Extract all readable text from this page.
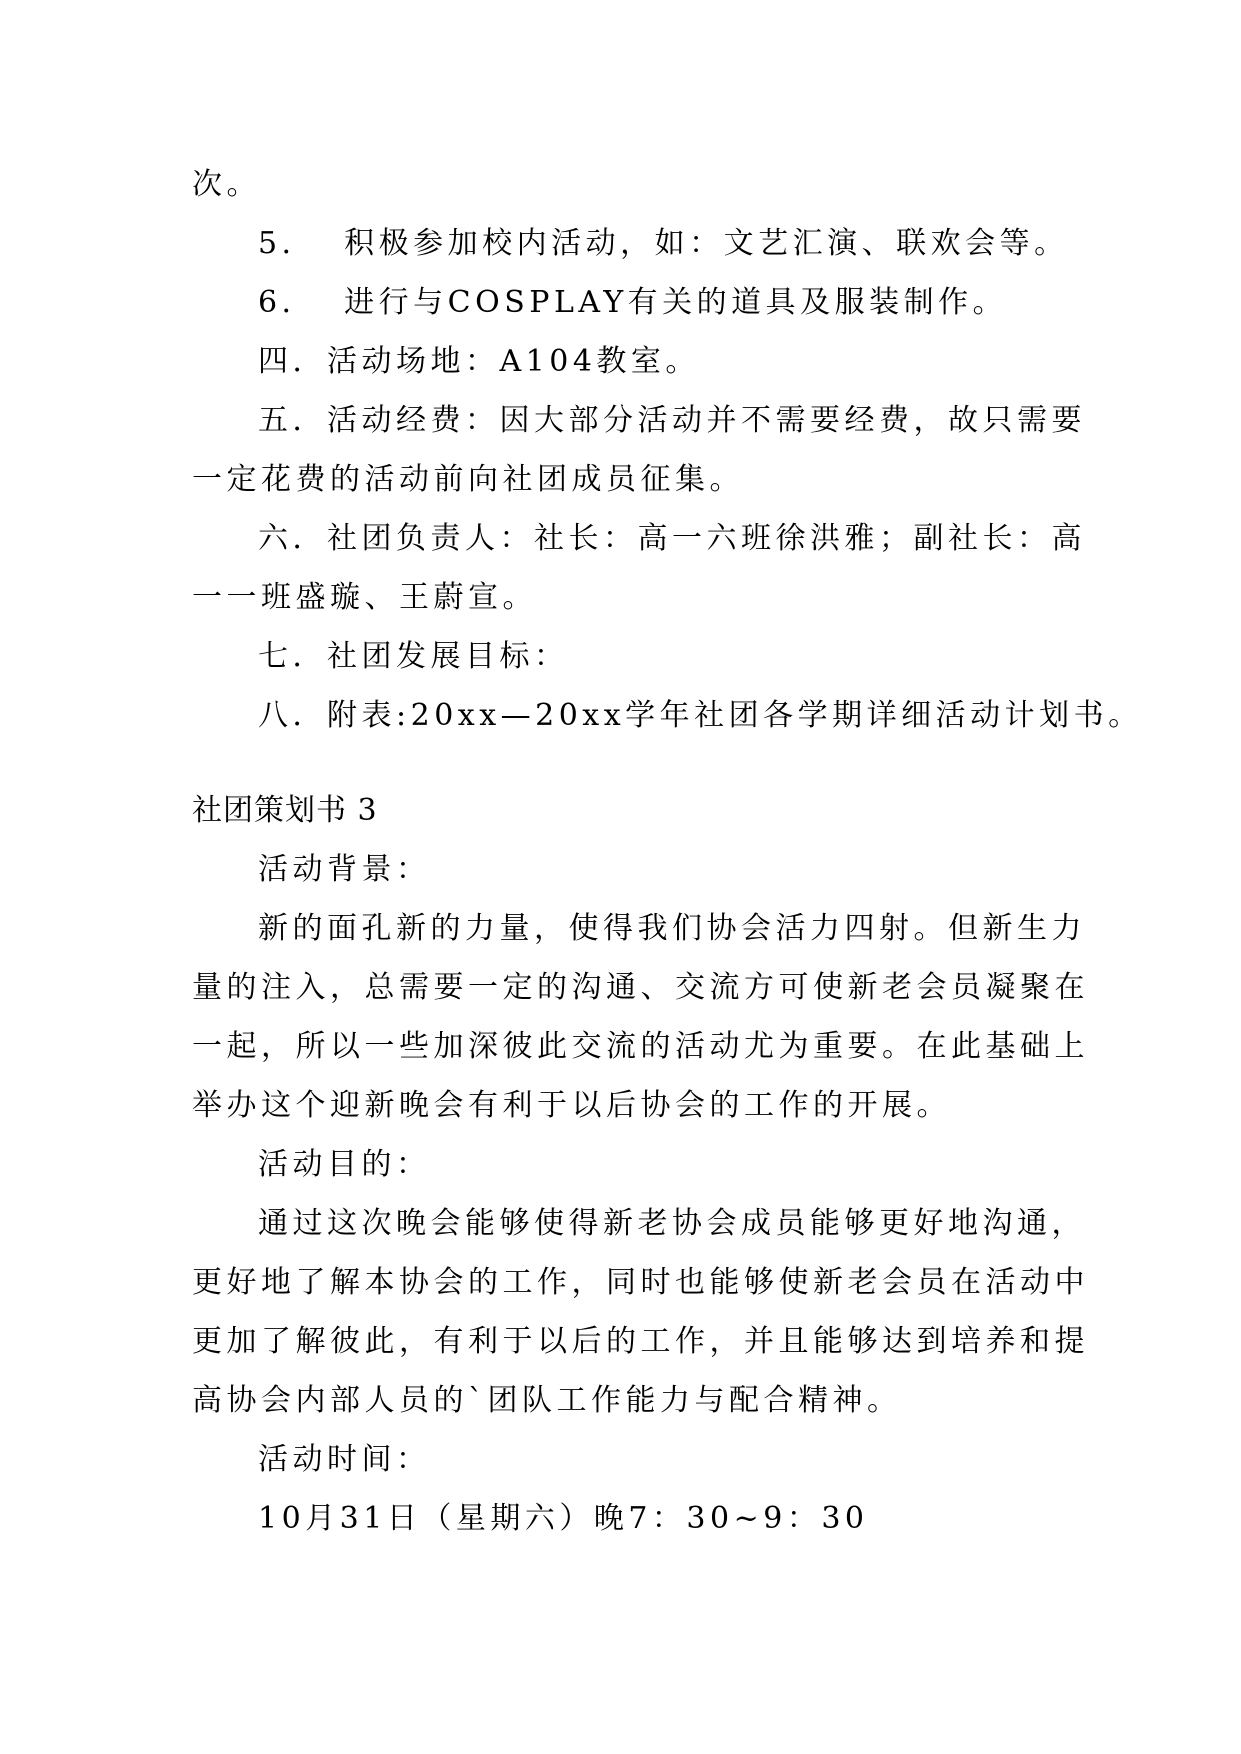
次。
5．  积极参加校内活动，如：文艺汇演、联欢会等。
6．  进行与COSPLAY有关的道具及服装制作。
四．活动场地：A104教室。
五．活动经费：因大部分活动并不需要经费，故只需要
一定花费的活动前向社团成员征集。
六．社团负责人：社长：高一六班徐洪雅；副社长：高
一一班盛璇、王蔚宣。
七．社团发展目标：
八．附表:20xx—20xx学年社团各学期详细活动计划书。
社团策划书 3
活动背景：
新的面孔新的力量，使得我们协会活力四射。但新生力
量的注入，总需要一定的沟通、交流方可使新老会员凝聚在
一起，所以一些加深彼此交流的活动尤为重要。在此基础上
举办这个迎新晚会有利于以后协会的工作的开展。
活动目的：
通过这次晚会能够使得新老协会成员能够更好地沟通，
更好地了解本协会的工作，同时也能够使新老会员在活动中
更加了解彼此，有利于以后的工作，并且能够达到培养和提
高协会内部人员的`团队工作能力与配合精神。
活动时间：
10月31日（星期六）晚7：30~9：30
